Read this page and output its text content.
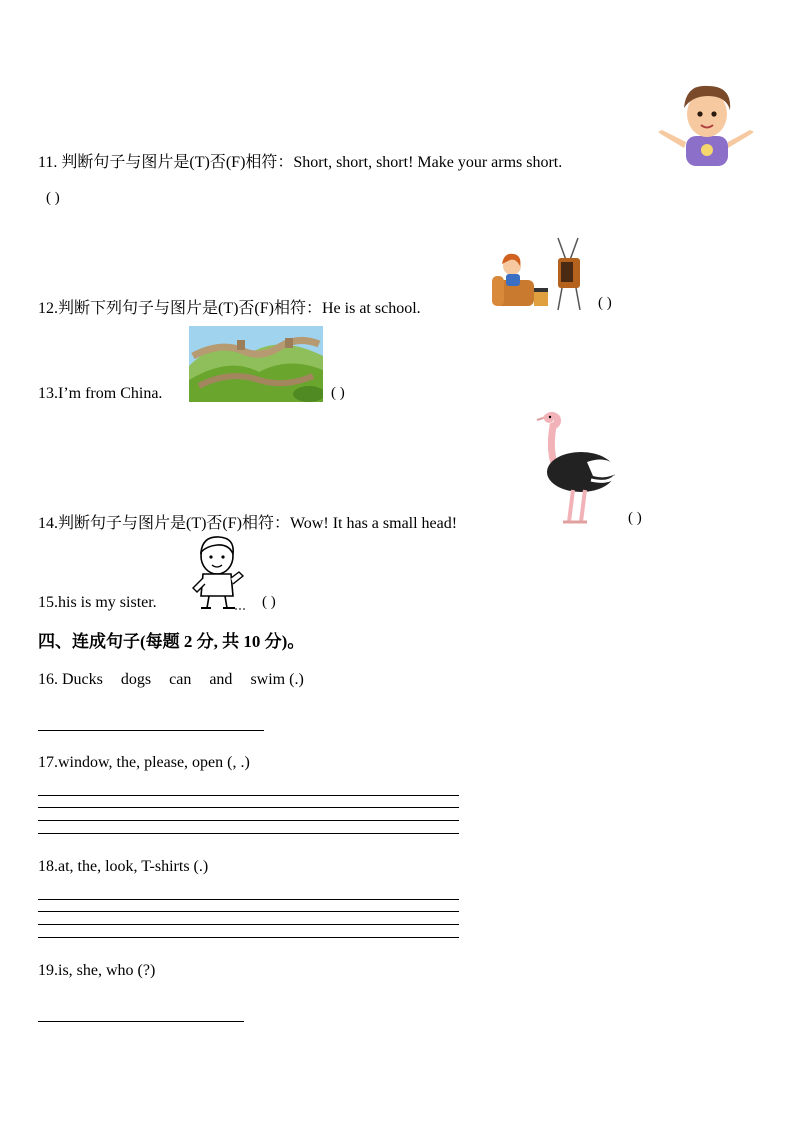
11. 判断句子与图片是(T)否(F)相符：Short, short, short! Make your arms short.
( )
12.判断下列句子与图片是(T)否(F)相符：He is at school.	( )
13.I’m from China.	( )
14.判断句子与图片是(T)否(F)相符：Wow! It has a small head!	( )
15.his is my sister.	( )
四、连成句子(每题 2 分, 共 10 分)。
16. Ducks dogs can and swim (.)
17.window, the, please, open (, .)
18.at, the, look, T-shirts (.)
19.is, she, who (?)
